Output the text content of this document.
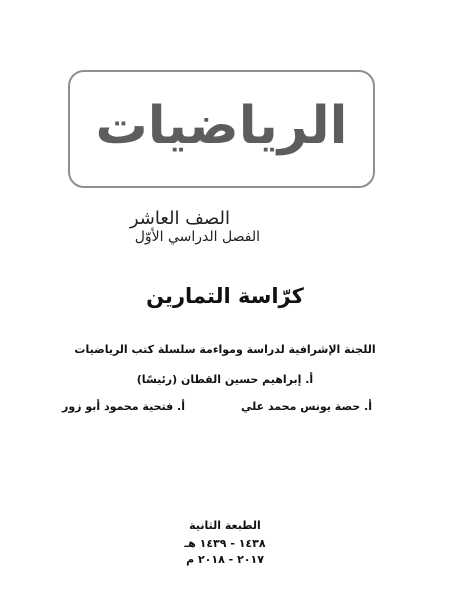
الرياضيات
الصف العاشر
الفصل الدراسي الأوّل
كرّاسة التمارين
اللجنة الإشرافية لدراسة ومواءمة سلسلة كتب الرياضيات
أ. إبراهيم حسين القطان (رئيسًا)
أ. حصة يونس محمد علي
أ. فتحية محمود أبو زور
الطبعة الثانية
١٤٣٨ - ١٤٣٩ هـ
٢٠١٧ - ٢٠١٨ م
